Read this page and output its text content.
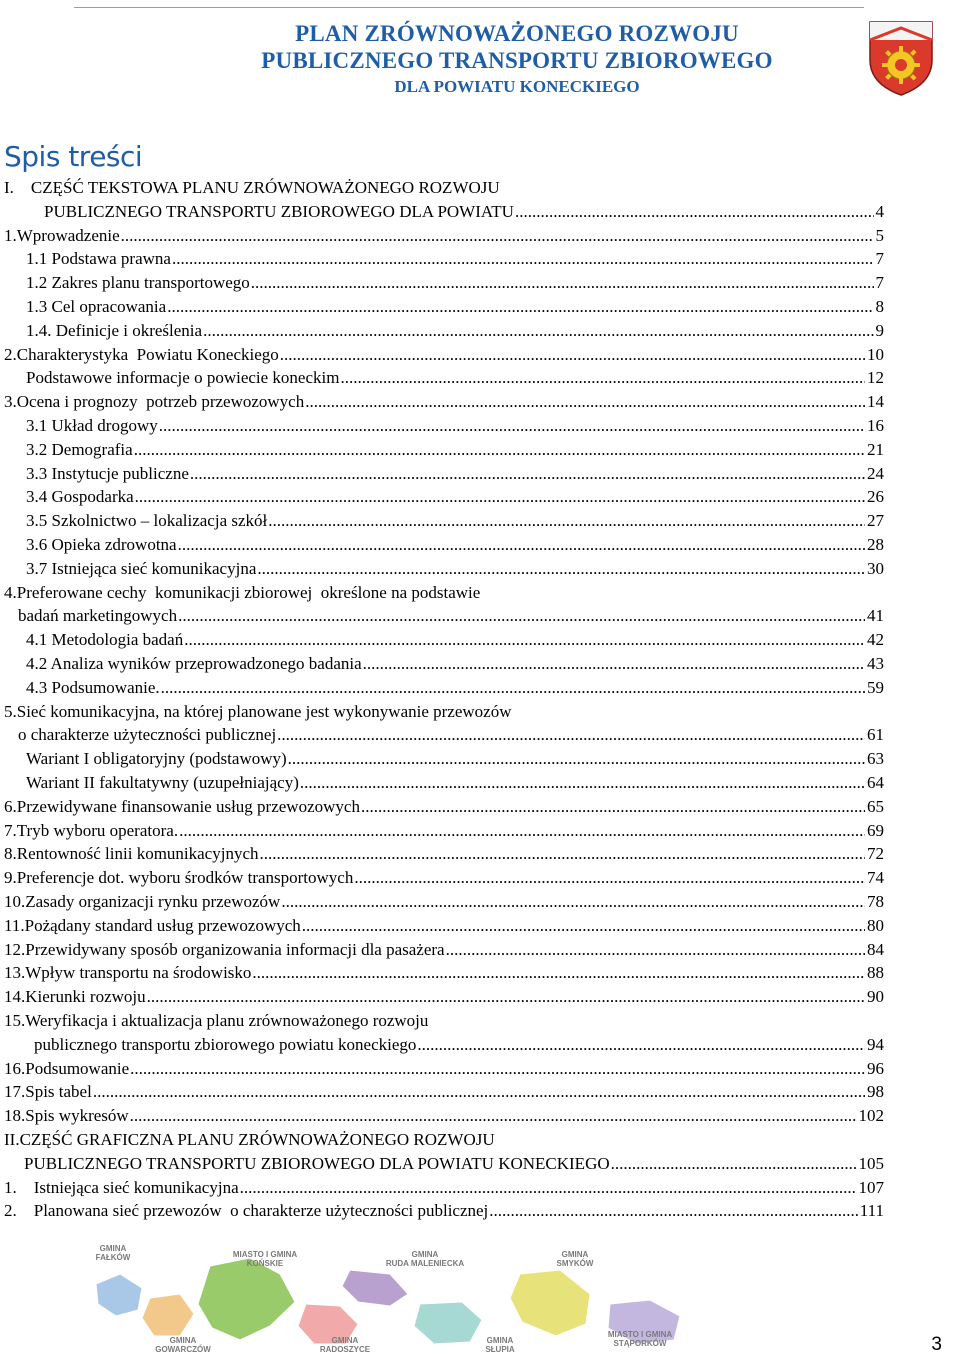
PLAN ZRÓWNOWAŻONEGO ROZWOJU
PUBLICZNEGO TRANSPORTU ZBIOROWEGO
DLA POWIATU KONECKIEGO
Spis treści
I.    CZĘŚĆ TEKSTOWA PLANU ZRÓWNOWAŻONEGO ROZWOJU
PUBLICZNEGO TRANSPORTU ZBIOROWEGO DLA POWIATU .....	4
1.Wprowadzenie .....	5
1.1 Podstawa prawna .....	7
1.2 Zakres planu transportowego .....	7
1.3 Cel opracowania .....	8
1.4. Definicje i określenia .....	9
2.Charakterystyka  Powiatu Koneckiego .....	10
Podstawowe informacje o powiecie koneckim .....	12
3.Ocena i prognozy  potrzeb przewozowych .....	14
3.1 Układ drogowy .....	16
3.2 Demografia .....	21
3.3 Instytucje publiczne .....	24
3.4 Gospodarka .....	26
3.5 Szkolnictwo – lokalizacja szkół .....	27
3.6 Opieka zdrowotna .....	28
3.7 Istniejąca sieć komunikacyjna .....	30
4.Preferowane cechy  komunikacji zbiorowej  określone na podstawie
badań marketingowych .....	41
4.1 Metodologia badań .....	42
4.2 Analiza wyników przeprowadzonego badania .....	43
4.3 Podsumowanie. .....	59
5.Sieć komunikacyjna, na której planowane jest wykonywanie przewozów
o charakterze użyteczności publicznej .....	61
Wariant I obligatoryjny (podstawowy) .....	63
Wariant II fakultatywny (uzupełniający) .....	64
6.Przewidywane finansowanie usług przewozowych .....	65
7.Tryb wyboru operatora. .....	69
8.Rentowność linii komunikacyjnych .....	72
9.Preferencje dot. wyboru środków transportowych .....	74
10.Zasady organizacji rynku przewozów .....	78
11.Pożądany standard usług przewozowych .....	80
12.Przewidywany sposób organizowania informacji dla pasażera .....	84
13.Wpływ transportu na środowisko .....	88
14.Kierunki rozwoju .....	90
15.Weryfikacja i aktualizacja planu zrównoważonego rozwoju
publicznego transportu zbiorowego powiatu koneckiego .....	94
16.Podsumowanie .....	96
17.Spis tabel .....	98
18.Spis wykresów .....	102
II.CZĘŚĆ GRAFICZNA PLANU ZRÓWNOWAŻONEGO ROZWOJU
PUBLICZNEGO TRANSPORTU ZBIOROWEGO DLA POWIATU KONECKIEGO .....	105
1.    Istniejąca sieć komunikacyjna .....	107
2.    Planowana sieć przewozów  o charakterze użyteczności publicznej .....	111
GMINA
FAŁKÓW	MIASTO I GMINA
KOŃSKIE
GMINA
RUDA MALENIECKA
GMINA
SMYKÓW
GMINA
GOWARCZÓW
GMINA
RADOSZYCE
GMINA
SŁUPIA
MIASTO I GMINA
STĄPORKÓW	3
